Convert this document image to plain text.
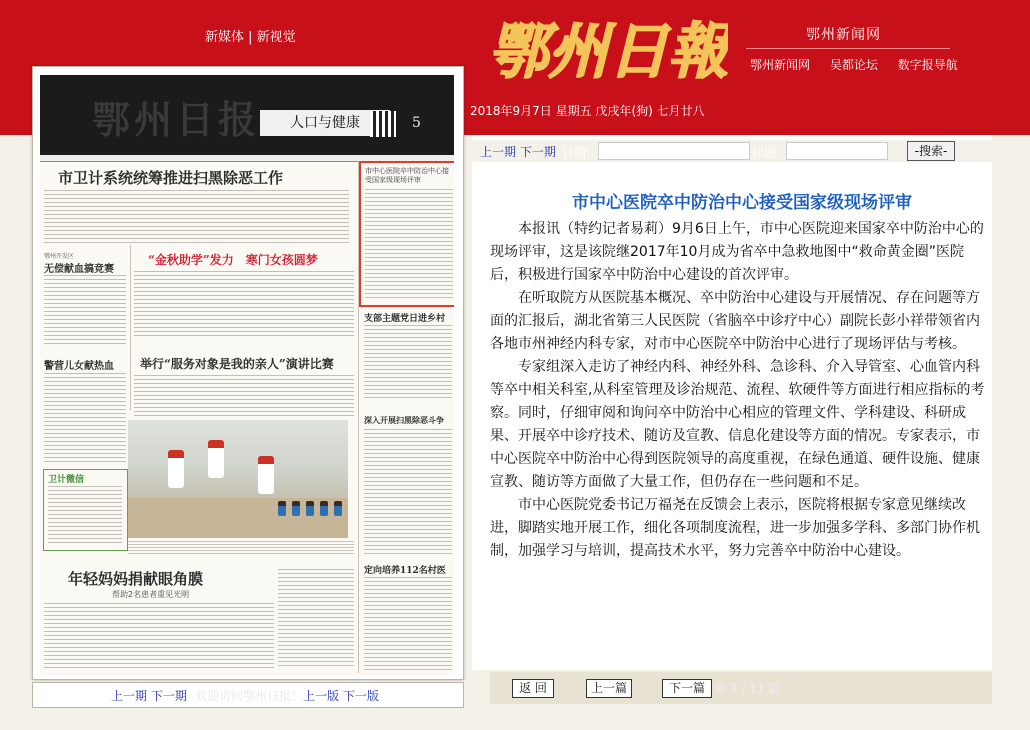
新媒体 | 新视觉	鄂州日報
2018年9月7日 星期五 戊戌年(狗) 七月廿八
鄂州新闻网
鄂州新闻网 吴都论坛 数字报导航
鄂州日报	人口与健康	5
市卫计系统统筹推进扫黑除恶工作
鄂州开发区
无偿献血搞竞赛
警营儿女献热血
“金秋助学”发力　寒门女孩圆梦
举行“服务对象是我的亲人”演讲比赛
卫计微信
年轻妈妈捐献眼角膜
帮助2名患者重见光明
市中心医院卒中防治中心接受国家级现场评审
支部主题党日进乡村
深入开展扫黑除恶斗争
定向培养112名村医
上一期 下一期 欢迎访问鄂州日报！ 上一版 下一版
上一期 下一期 日期:	标题:	-搜索-
市中心医院卒中防治中心接受国家级现场评审

本报讯（特约记者易莉）9月6日上午，市中心医院迎来国家卒中防治中心的现场评审，这是该院继2017年10月成为省卒中急救地图中“救命黄金圈”医院后，积极进行国家卒中防治中心建设的首次评审。

在听取院方从医院基本概况、卒中防治中心建设与开展情况、存在问题等方面的汇报后，湖北省第三人民医院（省脑卒中诊疗中心）副院长彭小祥带领省内各地市州神经内科专家，对市中心医院卒中防治中心进行了现场评估与考核。

专家组深入走访了神经内科、神经外科、急诊科、介入导管室、心血管内科等卒中相关科室,从科室管理及诊治规范、流程、软硬件等方面进行相应指标的考察。同时，仔细审阅和询问卒中防治中心相应的管理文件、学科建设、科研成果、开展卒中诊疗技术、随访及宣教、信息化建设等方面的情况。专家表示，市中心医院卒中防治中心得到医院领导的高度重视，在绿色通道、硬件设施、健康宣教、随访等方面做了大量工作，但仍存在一些问题和不足。

市中心医院党委书记万福尧在反馈会上表示，医院将根据专家意见继续改进，脚踏实地开展工作，细化各项制度流程，进一步加强多学科、多部门协作机制，加强学习与培训，提高技术水平，努力完善卒中防治中心建设。

返 回	上一篇	下一篇 第 7 / 11 篇
